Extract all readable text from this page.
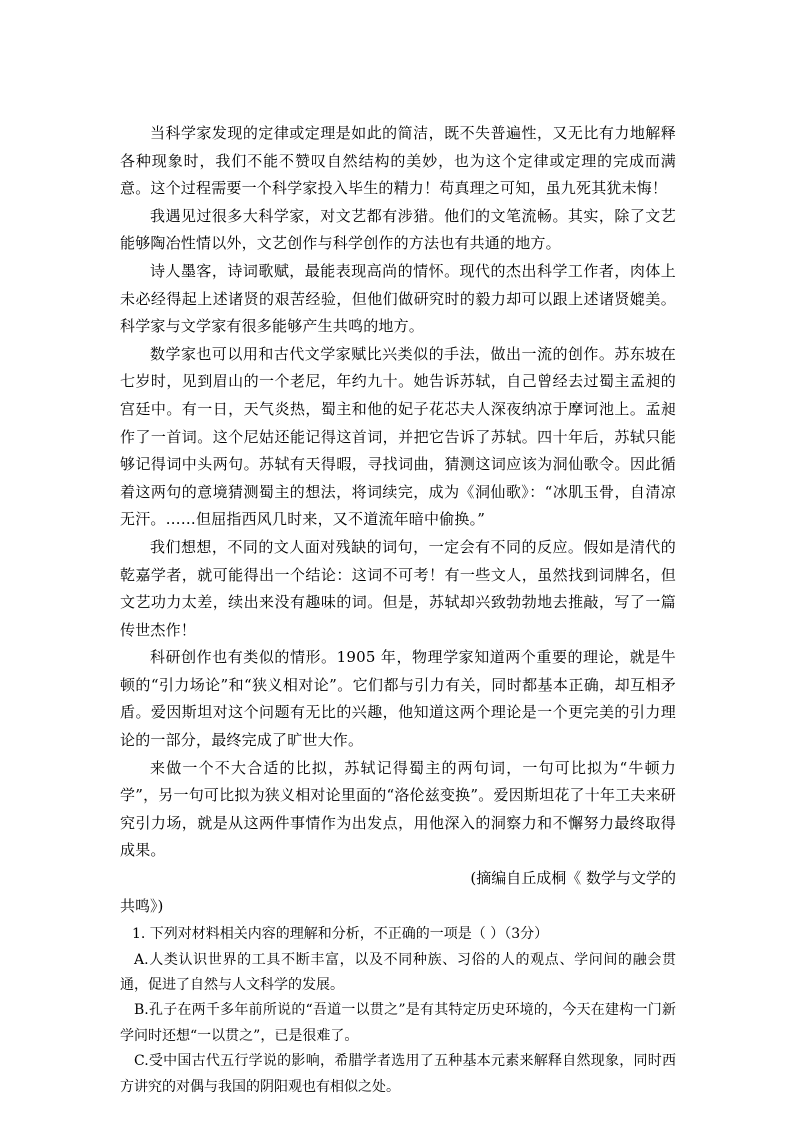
当科学家发现的定律或定理是如此的简洁，既不失普遍性，又无比有力地解释各种现象时，我们不能不赞叹自然结构的美妙，也为这个定律或定理的完成而满意。这个过程需要一个科学家投入毕生的精力！苟真理之可知，虽九死其犹未悔！

我遇见过很多大科学家，对文艺都有涉猎。他们的文笔流畅。其实，除了文艺能够陶冶性情以外，文艺创作与科学创作的方法也有共通的地方。

诗人墨客，诗词歌赋，最能表现高尚的情怀。现代的杰出科学工作者，肉体上未必经得起上述诸贤的艰苦经验，但他们做研究时的毅力却可以跟上述诸贤媲美。科学家与文学家有很多能够产生共鸣的地方。

数学家也可以用和古代文学家赋比兴类似的手法，做出一流的创作。苏东坡在七岁时，见到眉山的一个老尼，年约九十。她告诉苏轼，自己曾经去过蜀主孟昶的宫廷中。有一日，天气炎热，蜀主和他的妃子花芯夫人深夜纳凉于摩诃池上。孟昶作了一首词。这个尼姑还能记得这首词，并把它告诉了苏轼。四十年后，苏轼只能够记得词中头两句。苏轼有天得暇，寻找词曲，猜测这词应该为洞仙歌令。因此循着这两句的意境猜测蜀主的想法，将词续完，成为《洞仙歌》：“冰肌玉骨，自清凉无汗。……但屈指西风几时来，又不道流年暗中偷换。”

我们想想，不同的文人面对残缺的词句，一定会有不同的反应。假如是清代的乾嘉学者，就可能得出一个结论：这词不可考！有一些文人，虽然找到词牌名，但文艺功力太差，续出来没有趣味的词。但是，苏轼却兴致勃勃地去推敲，写了一篇传世杰作！

科研创作也有类似的情形。1905 年，物理学家知道两个重要的理论，就是牛顿的“引力场论”和“狭义相对论”。它们都与引力有关，同时都基本正确，却互相矛盾。爱因斯坦对这个问题有无比的兴趣，他知道这两个理论是一个更完美的引力理论的一部分，最终完成了旷世大作。

来做一个不大合适的比拟，苏轼记得蜀主的两句词，一句可比拟为“牛顿力学”，另一句可比拟为狭义相对论里面的“洛伦兹变换”。爱因斯坦花了十年工夫来研究引力场，就是从这两件事情作为出发点，用他深入的洞察力和不懈努力最终取得成果。

(摘编自丘成桐《 数学与文学的

共鸣》)

1. 下列对材料相关内容的理解和分析，不正确的一项是（ ）（3分）

A.人类认识世界的工具不断丰富，以及不同种族、习俗的人的观点、学问间的融会贯通，促进了自然与人文科学的发展。

B.孔子在两千多年前所说的“吾道一以贯之”是有其特定历史环境的，今天在建构一门新学问时还想“一以贯之”，已是很难了。

C.受中国古代五行学说的影响，希腊学者选用了五种基本元素来解释自然现象，同时西方讲究的对偶与我国的阴阳观也有相似之处。
